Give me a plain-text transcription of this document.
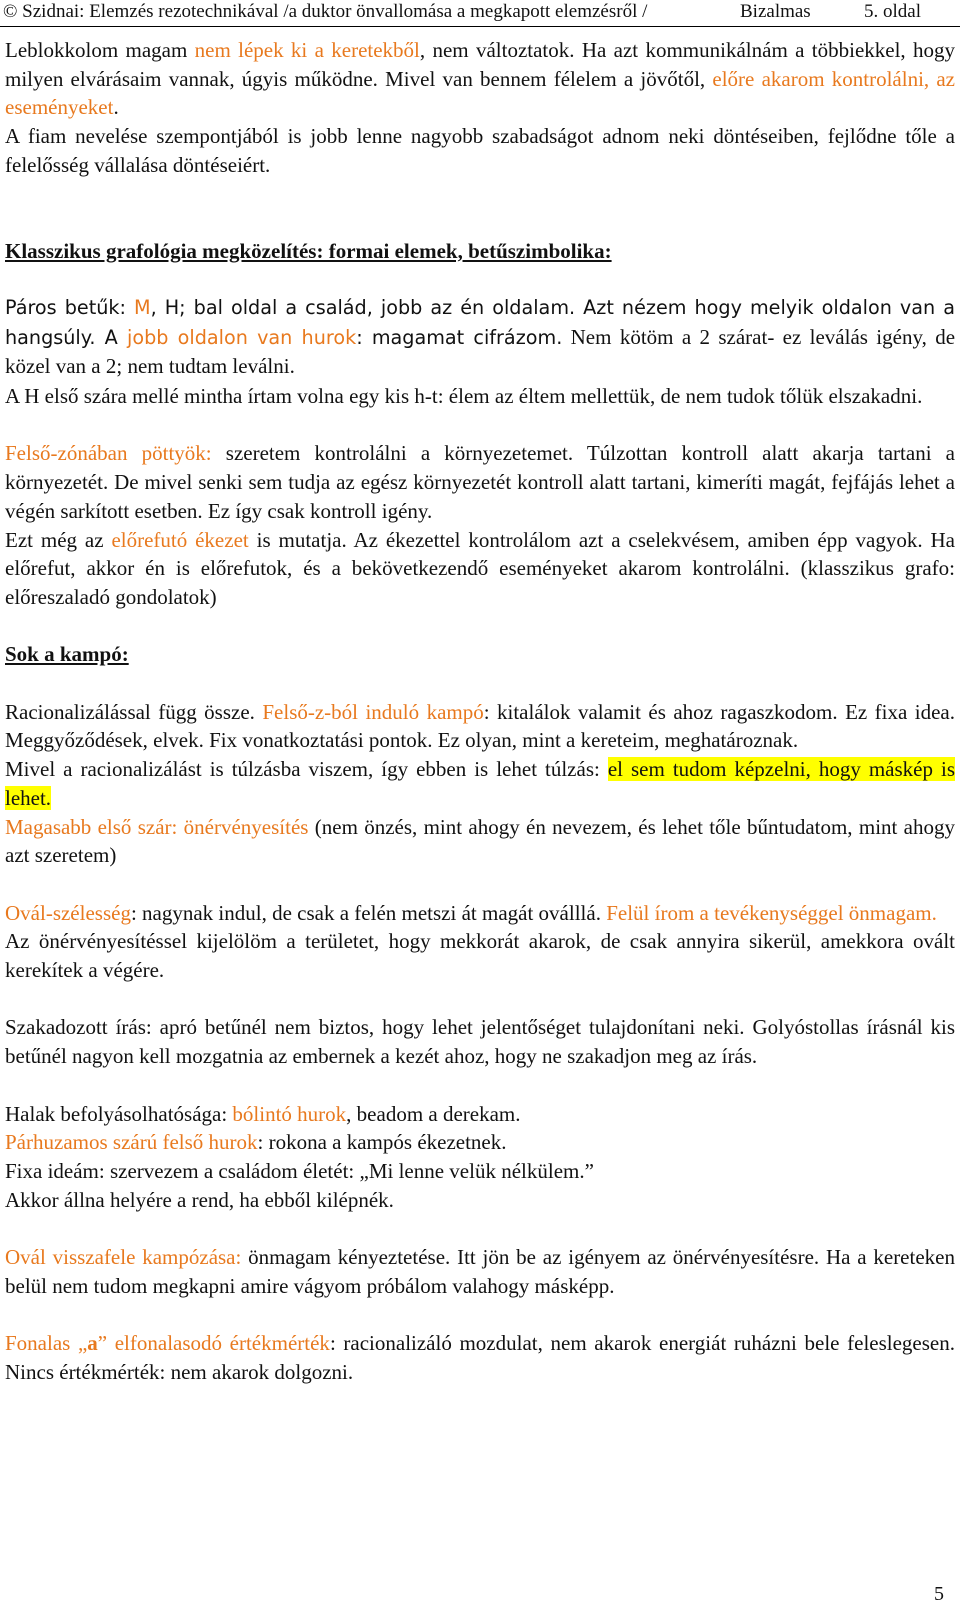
© Szidnai: Elemzés rezotechnikával /a duktor önvallomása a megkapott elemzésről /	Bizalmas	5. oldal

Leblokkolom magam nem lépek ki a keretekből, nem változtatok. Ha azt kommunikálnám a többiekkel, hogy milyen elvárásaim vannak, úgyis működne. Mivel van bennem félelem a jövőtől, előre akarom kontrolálni, az eseményeket.

A fiam nevelése szempontjából is jobb lenne nagyobb szabadságot adnom neki döntéseiben, fejlődne tőle a felelősség vállalása döntéseiért.

Klasszikus grafológia megközelítés: formai elemek, betűszimbolika:

Páros betűk: M, H; bal oldal a család, jobb az én oldalam. Azt nézem hogy melyik oldalon van a hangsúly. A jobb oldalon van hurok: magamat cifrázom. Nem kötöm a 2 szárat- ez leválás igény, de közel van a 2; nem tudtam leválni.

A H első szára mellé mintha írtam volna egy kis h-t: élem az éltem mellettük, de nem tudok tőlük elszakadni.

Felső-zónában pöttyök: szeretem kontrolálni a környezetemet. Túlzottan kontroll alatt akarja tartani a környezetét. De mivel senki sem tudja az egész környezetét kontroll alatt tartani, kimeríti magát, fejfájás lehet a végén sarkított esetben. Ez így csak kontroll igény.

Ezt még az előrefutó ékezet is mutatja. Az ékezettel kontrolálom azt a cselekvésem, amiben épp vagyok. Ha előrefut, akkor én is előrefutok, és a bekövetkezendő eseményeket akarom kontrolálni. (klasszikus grafo: előreszaladó gondolatok)

Sok a kampó:

Racionalizálással függ össze. Felső-z-ból induló kampó: kitalálok valamit és ahoz ragaszkodom. Ez fixa idea. Meggyőződések, elvek. Fix vonatkoztatási pontok. Ez olyan, mint a kereteim, meghatároznak.

Mivel a racionalizálást is túlzásba viszem, így ebben is lehet túlzás: el sem tudom képzelni, hogy máskép is lehet.

Magasabb első szár: önérvényesítés (nem önzés, mint ahogy én nevezem, és lehet tőle bűntudatom, mint ahogy azt szeretem)

Ovál-szélesség: nagynak indul, de csak a felén metszi át magát oválllá. Felül írom a tevékenységgel önmagam.

Az önérvényesítéssel kijelölöm a területet, hogy mekkorát akarok, de csak annyira sikerül, amekkora ovált kerekítek a végére.

Szakadozott írás: apró betűnél nem biztos, hogy lehet jelentőséget tulajdonítani neki. Golyóstollas írásnál kis betűnél nagyon kell mozgatnia az embernek a kezét ahoz, hogy ne szakadjon meg az írás.

Halak befolyásolhatósága: bólintó hurok, beadom a derekam.

Párhuzamos szárú felső hurok: rokona a kampós ékezetnek.

Fixa ideám: szervezem a családom életét: „Mi lenne velük nélkülem.”

Akkor állna helyére a rend, ha ebből kilépnék.

Ovál visszafele kampózása: önmagam kényeztetése. Itt jön be az igényem az önérvényesítésre. Ha a kereteken belül nem tudom megkapni amire vágyom próbálom valahogy másképp.

Fonalas „a” elfonalasodó értékmérték: racionalizáló mozdulat, nem akarok energiát ruházni bele feleslegesen. Nincs értékmérték: nem akarok dolgozni.

5
